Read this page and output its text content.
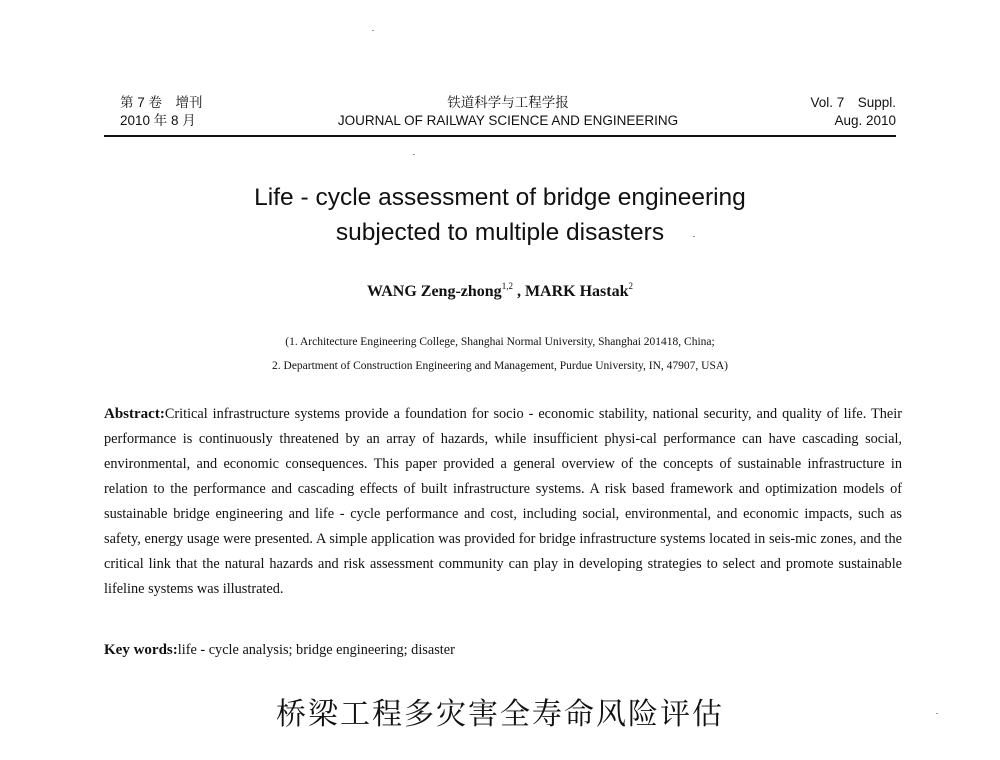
第 7 卷　增刊
2010 年 8 月
铁道科学与工程学报
JOURNAL OF RAILWAY SCIENCE AND ENGINEERING
Vol. 7　Suppl.
Aug. 2010
Life - cycle assessment of bridge engineering
subjected to multiple disasters
WANG Zeng-zhong$^{1,2}$ , MARK Hastak$^2$
(1. Architecture Engineering College, Shanghai Normal University, Shanghai 201418, China;
2. Department of Construction Engineering and Management, Purdue University, IN, 47907, USA)
Abstract:Critical infrastructure systems provide a foundation for socio - economic stability, national security, and quality of life. Their performance is continuously threatened by an array of hazards, while insufficient physi-cal performance can have cascading social, environmental, and economic consequences. This paper provided a general overview of the concepts of sustainable infrastructure in relation to the performance and cascading effects of built infrastructure systems. A risk based framework and optimization models of sustainable bridge engineering and life - cycle performance and cost, including social, environmental, and economic impacts, such as safety, energy usage were presented. A simple application was provided for bridge infrastructure systems located in seis-mic zones, and the critical link that the natural hazards and risk assessment community can play in developing strategies to select and promote sustainable lifeline systems was illustrated.
Key words:life - cycle analysis; bridge engineering; disaster
桥梁工程多灾害全寿命风险评估
